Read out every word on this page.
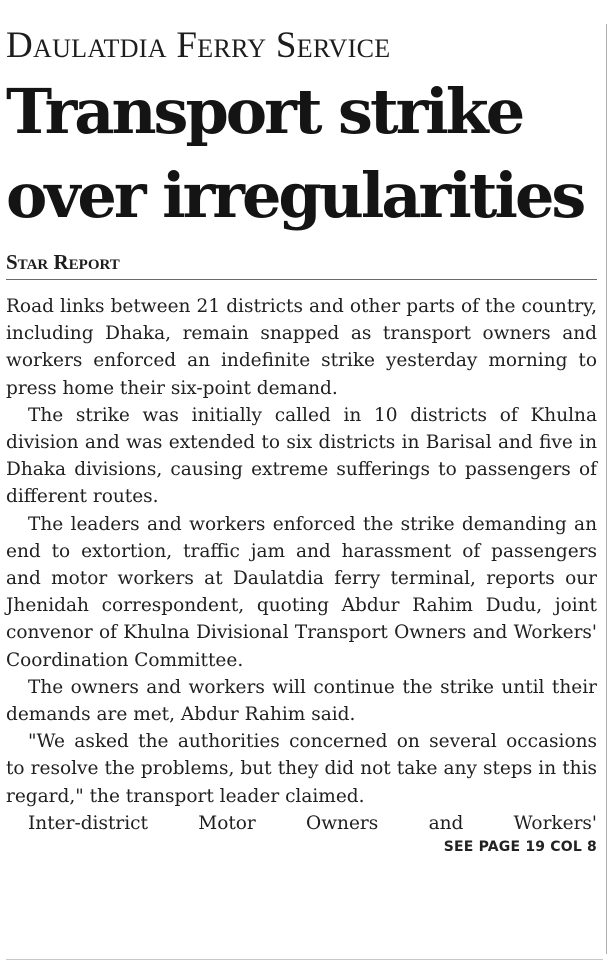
Daulatdia Ferry Service
Transport strike
over irregularities
Star Report

Road links between 21 districts and other parts of the country, including Dhaka, remain snapped as transport owners and workers enforced an indefinite strike yesterday morning to press home their six-point demand.

The strike was initially called in 10 districts of Khulna division and was extended to six districts in Barisal and five in Dhaka divisions, causing extreme sufferings to passengers of different routes.

The leaders and workers enforced the strike demanding an end to extortion, traffic jam and harassment of passengers and motor workers at Daulatdia ferry terminal, reports our Jhenidah correspondent, quoting Abdur Rahim Dudu, joint convenor of Khulna Divisional Transport Owners and Workers' Coordination Committee.

The owners and workers will continue the strike until their demands are met, Abdur Rahim said.

"We asked the authorities concerned on several occasions to resolve the problems, but they did not take any steps in this regard," the transport leader claimed.

Inter-district Motor Owners and Workers'

SEE PAGE 19 COL 8
